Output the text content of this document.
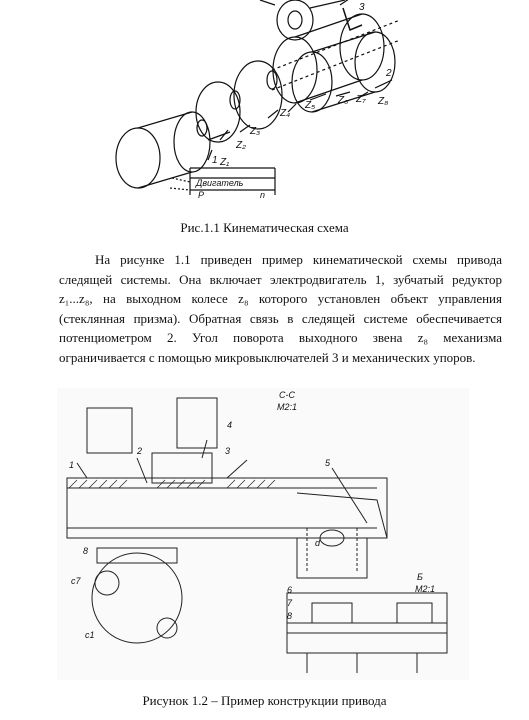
1
2
3
Z₁
Z₂
Z₃
Z₄
Z₅ Z₆ Z₇ Z₈
Двигатель
P	n
Рис.1.1 Кинематическая схема
На рисунке 1.1 приведен пример кинематической схемы привода
следящей системы. Она включает электродвигатель 1, зубчатый редуктор
z₁...z₈, на выходном колесе z₈ которого установлен объект управления
(стеклянная призма). Обратная связь в следящей системе обеспечивается
потенциометром 2. Угол поворота выходного звена z₈ механизма
ограничивается с помощью микровыключателей 3 и механических упоров.
С-С
М2:1
Б
М2:1
1
2	3
4
5
6
7
8
d
с7
с1
8
Рисунок 1.2 – Пример конструкции привода
